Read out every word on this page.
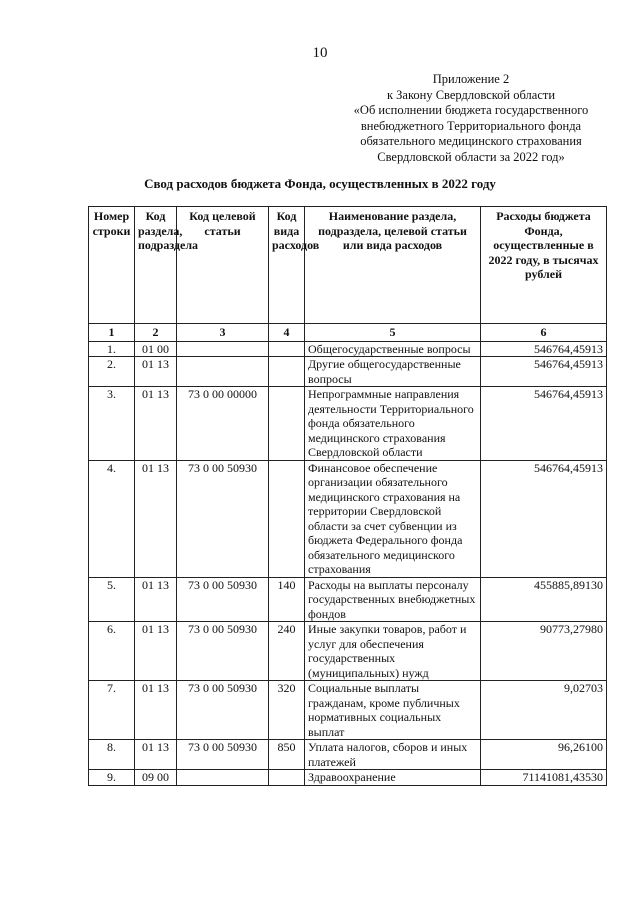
10
Приложение 2
к Закону Свердловской области
«Об исполнении бюджета государственного
внебюджетного Территориального фонда
обязательного медицинского страхования
Свердловской области за 2022 год»
Свод расходов бюджета Фонда, осуществленных в 2022 году
Номер строки	Код раздела, подраздела	Код целевой статьи	Код вида расходов	Наименование раздела, подраздела, целевой статьи или вида расходов	Расходы бюджета Фонда, осуществленные в 2022 году, в тысячах рублей
1	2	3	4	5	6
1.	01 00			Общегосударственные вопросы	546764,45913
2.	01 13			Другие общегосударственные вопросы	546764,45913
3.	01 13	73 0 00 00000		Непрограммные направления деятельности Территориального фонда обязательного медицинского страхования Свердловской области	546764,45913
4.	01 13	73 0 00 50930		Финансовое обеспечение организации обязательного медицинского страхования на территории Свердловской области за счет субвенции из бюджета Федерального фонда обязательного медицинского страхования	546764,45913
5.	01 13	73 0 00 50930	140	Расходы на выплаты персоналу государственных внебюджетных фондов	455885,89130
6.	01 13	73 0 00 50930	240	Иные закупки товаров, работ и услуг для обеспечения государственных (муниципальных) нужд	90773,27980
7.	01 13	73 0 00 50930	320	Социальные выплаты гражданам, кроме публичных нормативных социальных выплат	9,02703
8.	01 13	73 0 00 50930	850	Уплата налогов, сборов и иных платежей	96,26100
9.	09 00			Здравоохранение	71141081,43530
